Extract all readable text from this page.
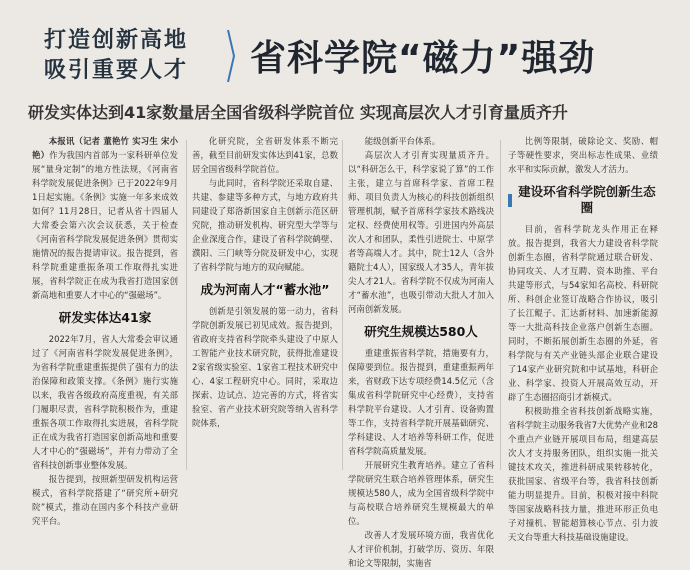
打造创新高地
吸引重要人才	省科学院“磁力”强劲
研发实体达到41家数量居全国省级科学院首位 实现高层次人才引育量质齐升

本报讯（记者 董艳竹 实习生 宋小艳）作为我国内首部为一家科研单位发展“量身定制”的地方性法规，《河南省科学院发展促进条例》已于2022年9月1日起实施。《条例》实施一年多来成效如何？11月28日，记者从省十四届人大常委会第六次会议获悉，关于检查《河南省科学院发展促进条例》贯彻实施情况的报告提请审议。报告提到，省科学院重建重振条项工作取得扎实进展，省科学院正在成为我省打造国家创新高地和重要人才中心的“强磁场”。

研发实体达41家

2022年7月，省人大常委会审议通过了《河南省科学院发展促进条例》，为省科学院重建重振提供了强有力的法治保障和政策支撑。《条例》施行实施以来，我省各级政府高度重视，有关部门履职尽责，省科学院积极作为，重建重振各项工作取得扎实进展，省科学院正在成为我省打造国家创新高地和重要人才中心的“强磁场”，并有力带动了全省科技创新事业整体发展。

报告提到，按照新型研发机构运营模式，省科学院搭建了“研究所+研究院”模式，推动在国内多个科技产业研究平台。

化研究院，全省研发体系不断完善，截至目前研发实体达到41家，总数居全国省级科学院首位。

与此同时，省科学院还采取自建、共建、参建等多种方式，与地方政府共同建设了郑洛新国家自主创新示范区研究院，推动研发机构、研究型大学等与企业深度合作，建设了省科学院鹤壁、濮阳、三门峡等分院及研发中心，实现了省科学院与地方的双向赋能。

成为河南人才“蓄水池”

创新是引领发展的第一动力，省科学院创新发展已初见成效。报告提到，省政府支持省科学院牵头建设了中原人工智能产业技术研究院，获得批准建设2家省级实验室、1家省工程技术研究中心、4家工程研究中心。同时，采取边探索、边试点、边完善的方式，将省实验室、省产业技术研究院等纳入省科学院体系，

能级创新平台体系。

高层次人才引育实现量质齐升。以“科研怎么干，科学家说了算”的工作主张，建立与首席科学家、首席工程师、项目负责人为核心的科技创新组织管理机制，赋予首席科学家技术路线决定权、经费使用权等。引进国内外高层次人才和团队，柔性引进院士、中原学者等高端人才。其中，院士12人（含外籍院士4人），国家级人才35人，青年拔尖人才21人。省科学院不仅成为河南人才“蓄水池”，也吸引带动大批人才加入河南创新发展。

研究生规模达580人

重建重振省科学院，措施要有力，保障要到位。报告提到，重建重振两年来，省财政下达专项经费14.5亿元（含集成省科学院研究中心经费），支持省科学院平台建设、人才引育、设备购置等工作，支持省科学院开展基础研究、学科建设、人才培养等科研工作，促进省科学院高质量发展。

开展研究生教育培养。建立了省科学院研究生联合培养管理体系，研究生规模达580人，成为全国省级科学院中与高校联合培养研究生规模最大的单位。

改善人才发展环境方面，我省优化人才评价机制，打破学历、资历、年限和论文等限制，实施省

比例等限制，破除论文、奖励、帽子等硬性要求，突出标志性成果、业绩水平和实际贡献，激发人才活力。

建设环省科学院创新生态圈

目前，省科学院龙头作用正在释放。报告提到，我省大力建设省科学院创新生态圈，省科学院通过联合研发、协同攻关、人才互聘、资本助推、平台共建等形式，与54家知名高校、科研院所、科创企业签订战略合作协议，吸引了长江鲲子、汇达新材料、加速新能源等一大批高科技企业落户创新生态圈。同时，不断拓展创新生态圈的外延，省科学院与有关产业链头部企业联合建设了14家产业研究院和中试基地，科研企业、科学家、投资人开展高效互动，开辟了生态圈招商引才新模式。

积极助推全省科技创新战略实施，省科学院主动服务我省7大优势产业和28个重点产业链开展项目布局，组建高层次人才支持服务团队，组织实施一批关键技术攻关，推进科研成果转移转化，获批国家、省级平台等，我省科技创新能力明显提升。目前，积极对接中科院等国家战略科技力量，推进环形正负电子对撞机、智能超算核心节点、引力波天文台等重大科技基础设施建设。
